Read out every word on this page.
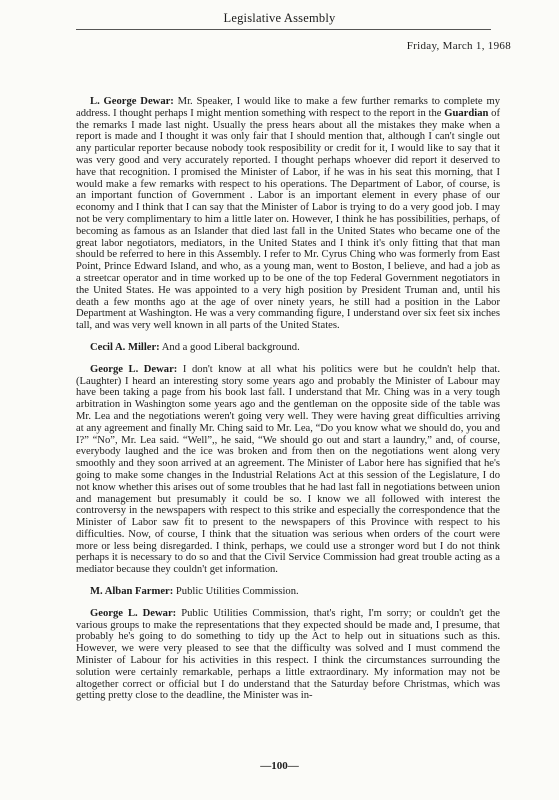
Legislative Assembly
Friday, March 1, 1968

L. George Dewar: Mr. Speaker, I would like to make a few further remarks to complete my address. I thought perhaps I might mention something with respect to the report in the Guardian of the remarks I made last night. Usually the press hears about all the mistakes they make when a report is made and I thought it was only fair that I should mention that, although I can't single out any particular reporter because nobody took resposibility or credit for it, I would like to say that it was very good and very accurately reported. I thought perhaps whoever did report it deserved to have that recognition. I promised the Minister of Labor, if he was in his seat this morning, that I would make a few remarks with respect to his operations. The Department of Labor, of course, is an important function of Government . Labor is an important element in every phase of our economy and I think that I can say that the Minister of Labor is trying to do a very good job. I may not be very complimentary to him a little later on. However, I think he has possibilities, perhaps, of becoming as famous as an Islander that died last fall in the United States who became one of the great labor negotiators, mediators, in the United States and I think it's only fitting that that man should be referred to here in this Assembly. I refer to Mr. Cyrus Ching who was formerly from East Point, Prince Edward Island, and who, as a young man, went to Boston, I believe, and had a job as a streetcar operator and in time worked up to be one of the top Federal Government negotiators in the United States. He was appointed to a very high position by President Truman and, until his death a few months ago at the age of over ninety years, he still had a position in the Labor Department at Washington. He was a very commanding figure, I understand over six feet six inches tall, and was very well known in all parts of the United States.

Cecil A. Miller: And a good Liberal background.

George L. Dewar: I don't know at all what his politics were but he couldn't help that. (Laughter) I heard an interesting story some years ago and probably the Minister of Labour may have been taking a page from his book last fall. I understand that Mr. Ching was in a very tough arbitration in Washington some years ago and the gentleman on the opposite side of the table was Mr. Lea and the negotiations weren't going very well. They were having great difficulties arriving at any agreement and finally Mr. Ching said to Mr. Lea, “Do you know what we should do, you and I?” “No”, Mr. Lea said. “Well”,, he said, “We should go out and start a laundry,” and, of course, everybody laughed and the ice was broken and from then on the negotiations went along very smoothly and they soon arrived at an agreement. The Minister of Labor here has signified that he's going to make some changes in the Industrial Relations Act at this session of the Legislature, I do not know whether this arises out of some troubles that he had last fall in negotiations between union and management but presumably it could be so. I know we all followed with interest the controversy in the newspapers with respect to this strike and especially the correspondence that the Minister of Labor saw fit to present to the newspapers of this Province with respect to his difficulties. Now, of course, I think that the situation was serious when orders of the court were more or less being disregarded. I think, perhaps, we could use a stronger word but I do not think perhaps it is necessary to do so and that the Civil Service Commission had great trouble acting as a mediator because they couldn't get information.

M. Alban Farmer: Public Utilities Commission.

George L. Dewar: Public Utilities Commission, that's right, I'm sorry; or couldn't get the various groups to make the representations that they expected should be made and, I presume, that probably he's going to do something to tidy up the Act to help out in situations such as this. However, we were very pleased to see that the difficulty was solved and I must commend the Minister of Labour for his activities in this respect. I think the circumstances surrounding the solution were certainly remarkable, perhaps a little extraordinary. My information may not be altogether correct or official but I do understand that the Saturday before Christmas, which was getting pretty close to the deadline, the Minister was in-

—100—
